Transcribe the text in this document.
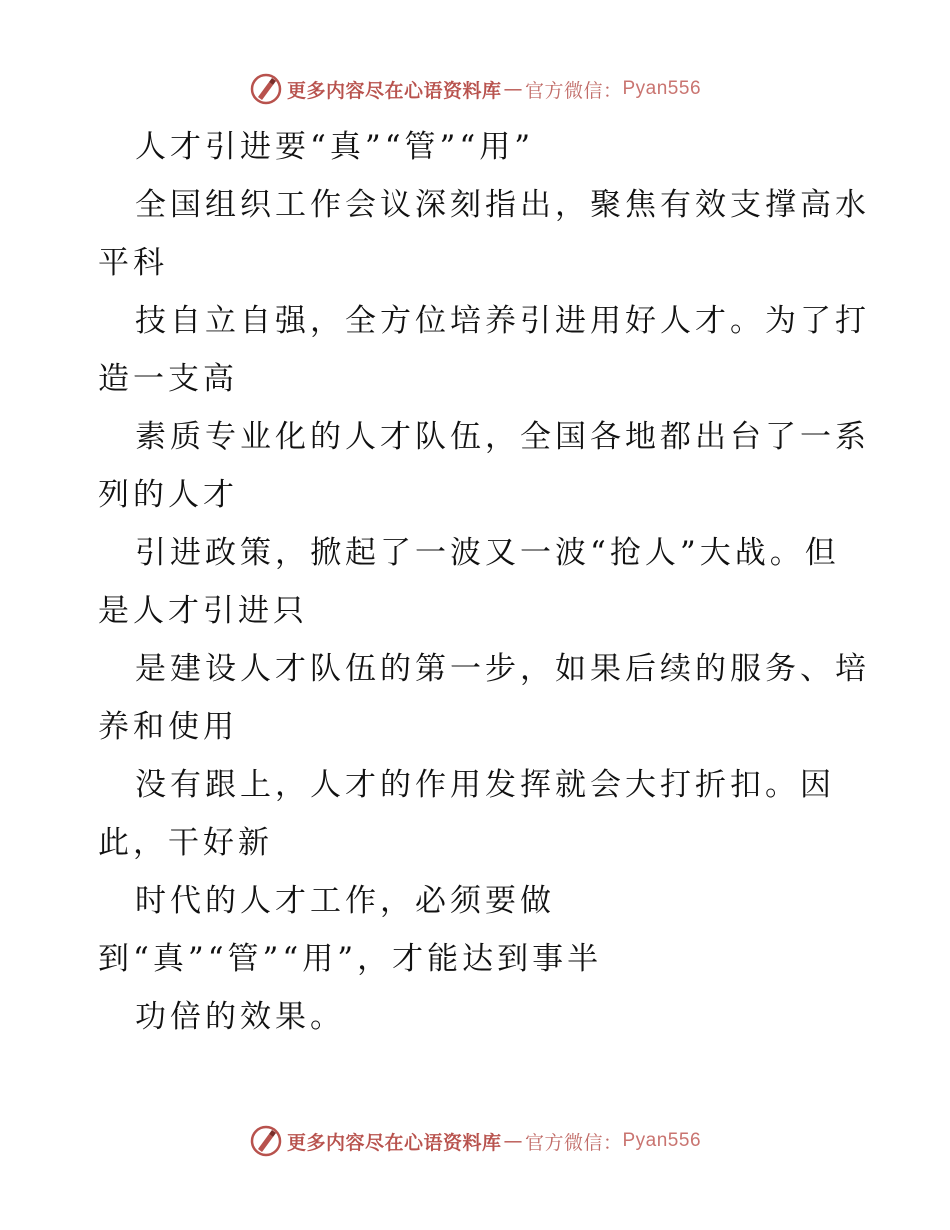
更多内容尽在心语资料库 — 官方微信： Pyan556

人才引进要“真”“管”“用”

全国组织工作会议深刻指出，聚焦有效支撑高水

平科

技自立自强，全方位培养引进用好人才。为了打

造一支高

素质专业化的人才队伍，全国各地都出台了一系

列的人才

引进政策，掀起了一波又一波“抢人”大战。但

是人才引进只

是建设人才队伍的第一步，如果后续的服务、培

养和使用

没有跟上，人才的作用发挥就会大打折扣。因

此，干好新

时代的人才工作，必须要做

到“真”“管”“用”，才能达到事半

功倍的效果。

更多内容尽在心语资料库 — 官方微信： Pyan556
